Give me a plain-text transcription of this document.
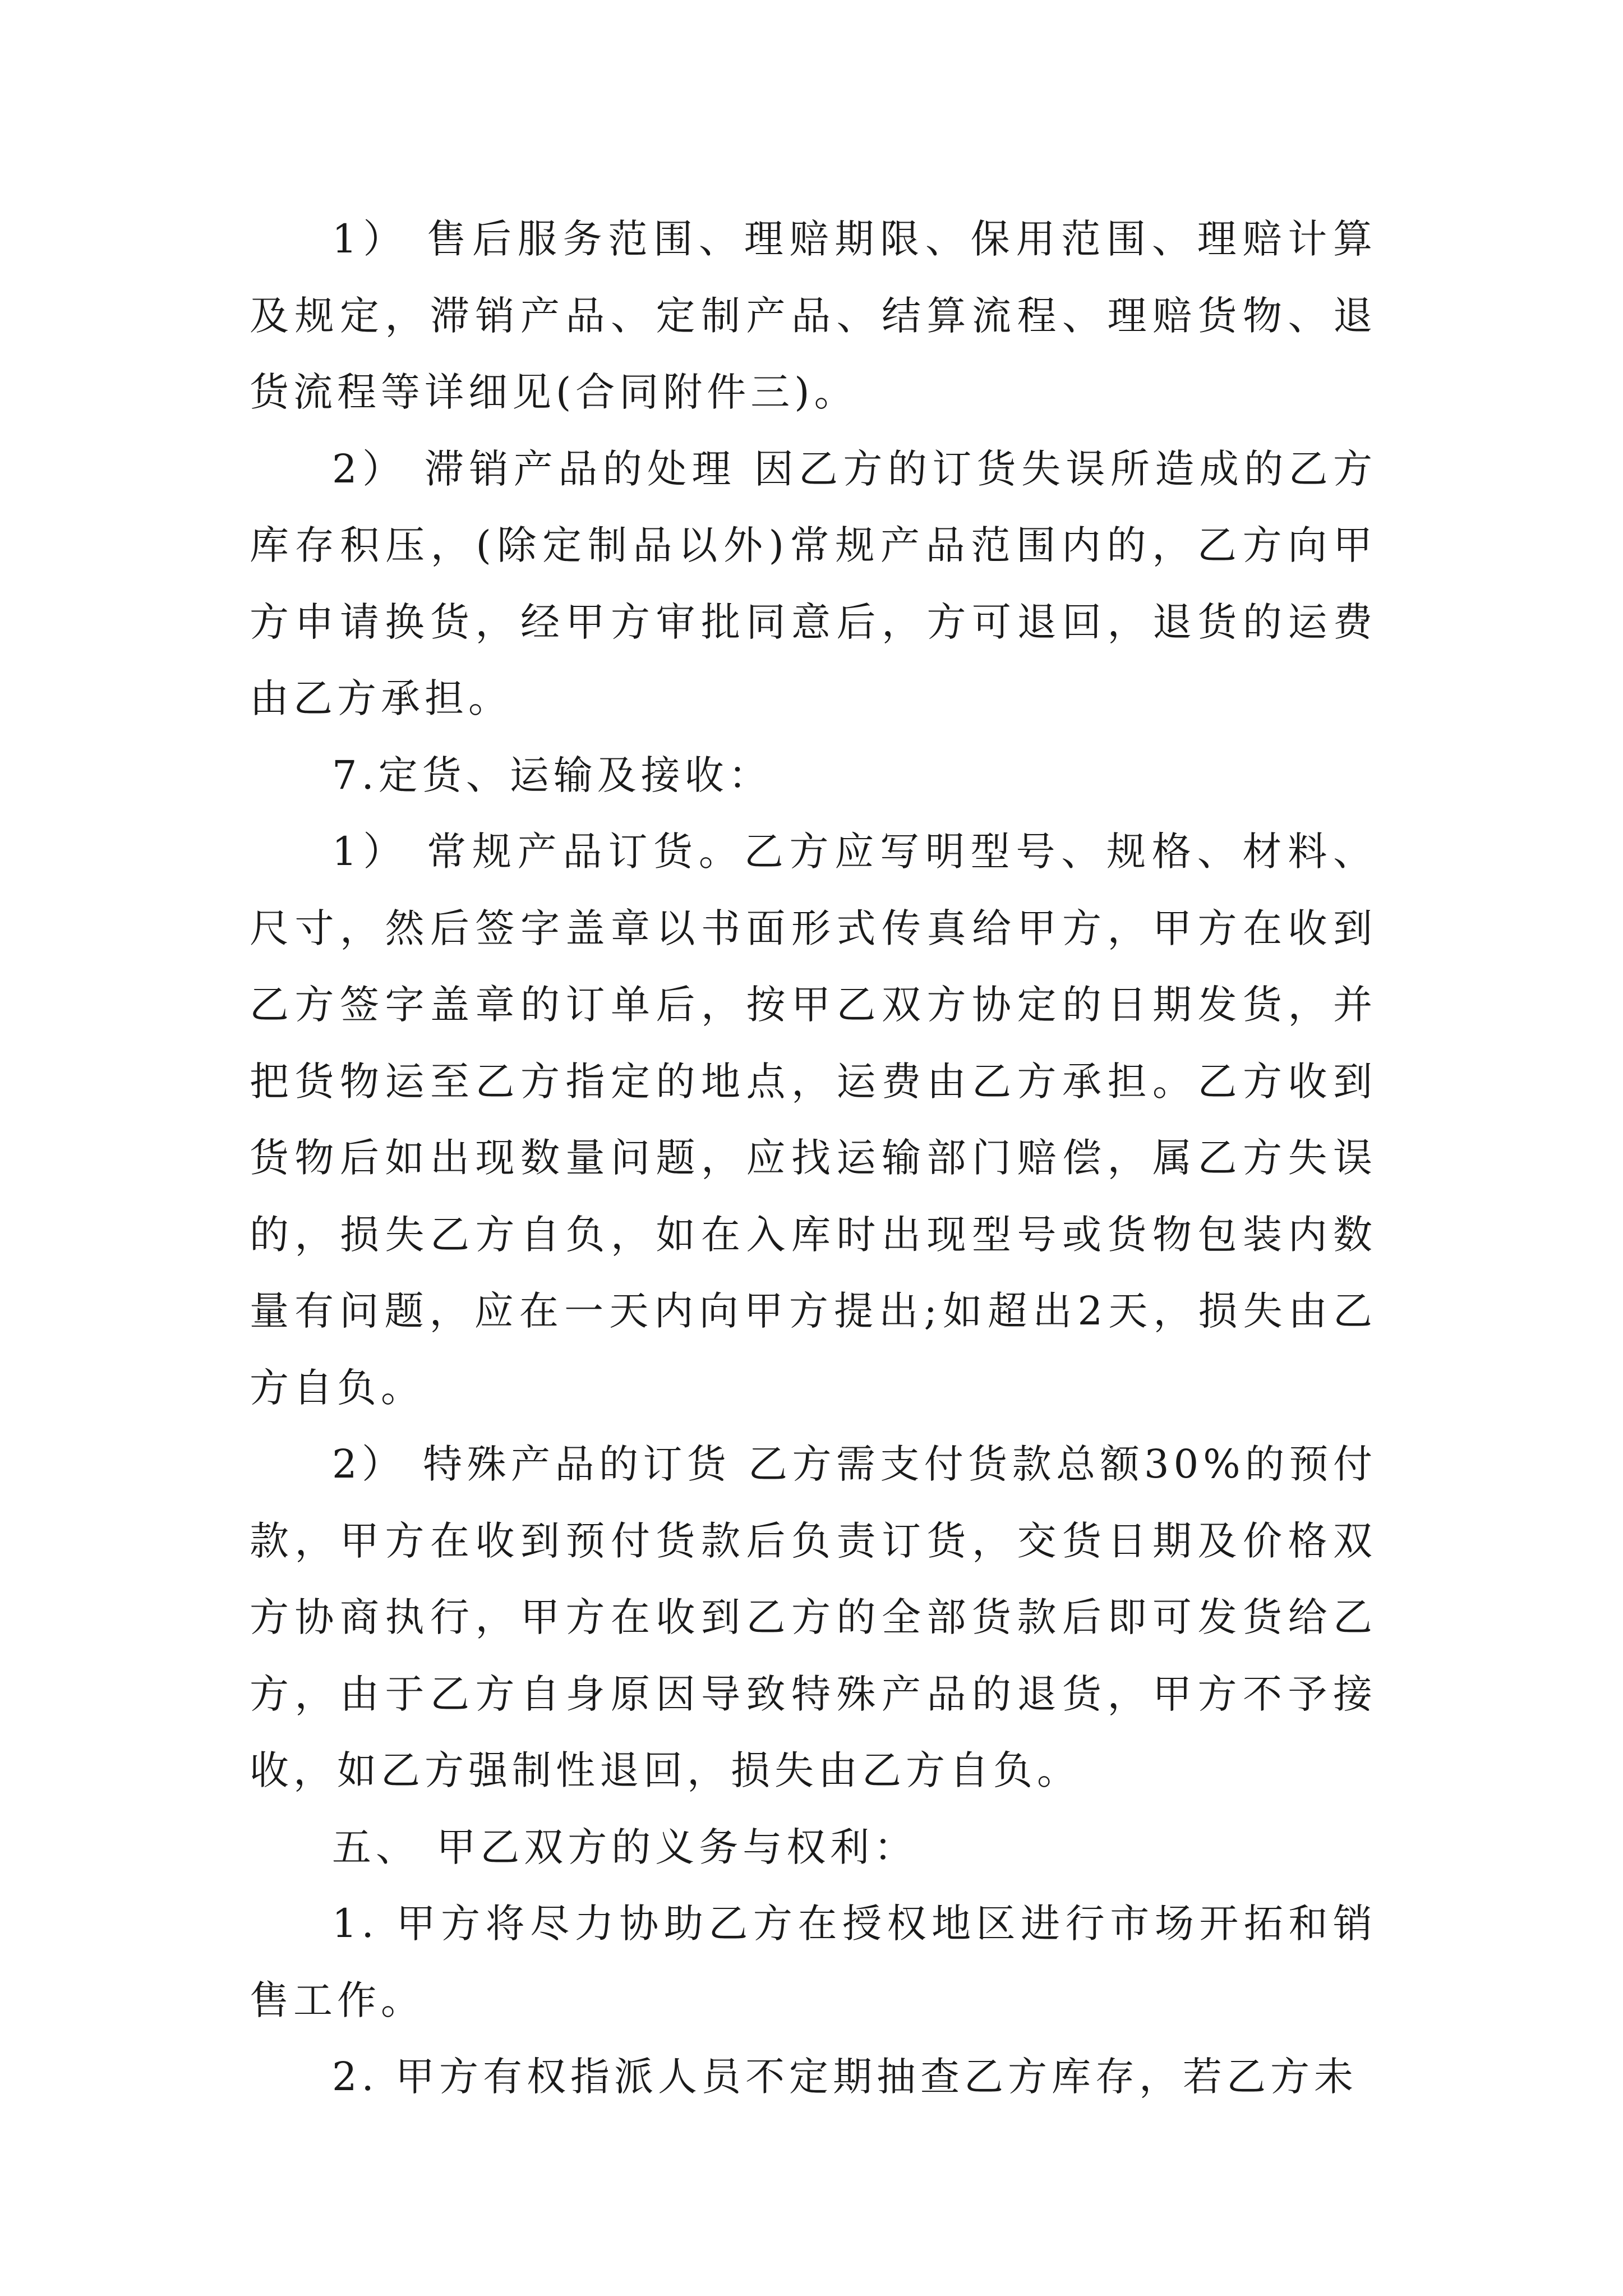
1） 售后服务范围、理赔期限、保用范围、理赔计算及规定，滞销产品、定制产品、结算流程、理赔货物、退货流程等详细见(合同附件三)。

2） 滞销产品的处理 因乙方的订货失误所造成的乙方库存积压，(除定制品以外)常规产品范围内的，乙方向甲方申请换货，经甲方审批同意后，方可退回，退货的运费由乙方承担。

7.定货、运输及接收：

1） 常规产品订货。乙方应写明型号、规格、材料、尺寸，然后签字盖章以书面形式传真给甲方，甲方在收到乙方签字盖章的订单后，按甲乙双方协定的日期发货，并把货物运至乙方指定的地点，运费由乙方承担。乙方收到货物后如出现数量问题，应找运输部门赔偿，属乙方失误的，损失乙方自负，如在入库时出现型号或货物包装内数量有问题，应在一天内向甲方提出;如超出2天，损失由乙方自负。

2） 特殊产品的订货 乙方需支付货款总额30%的预付款，甲方在收到预付货款后负责订货，交货日期及价格双方协商执行，甲方在收到乙方的全部货款后即可发货给乙方，由于乙方自身原因导致特殊产品的退货，甲方不予接收，如乙方强制性退回，损失由乙方自负。

五、 甲乙双方的义务与权利：

1. 甲方将尽力协助乙方在授权地区进行市场开拓和销售工作。

2. 甲方有权指派人员不定期抽查乙方库存，若乙方未
